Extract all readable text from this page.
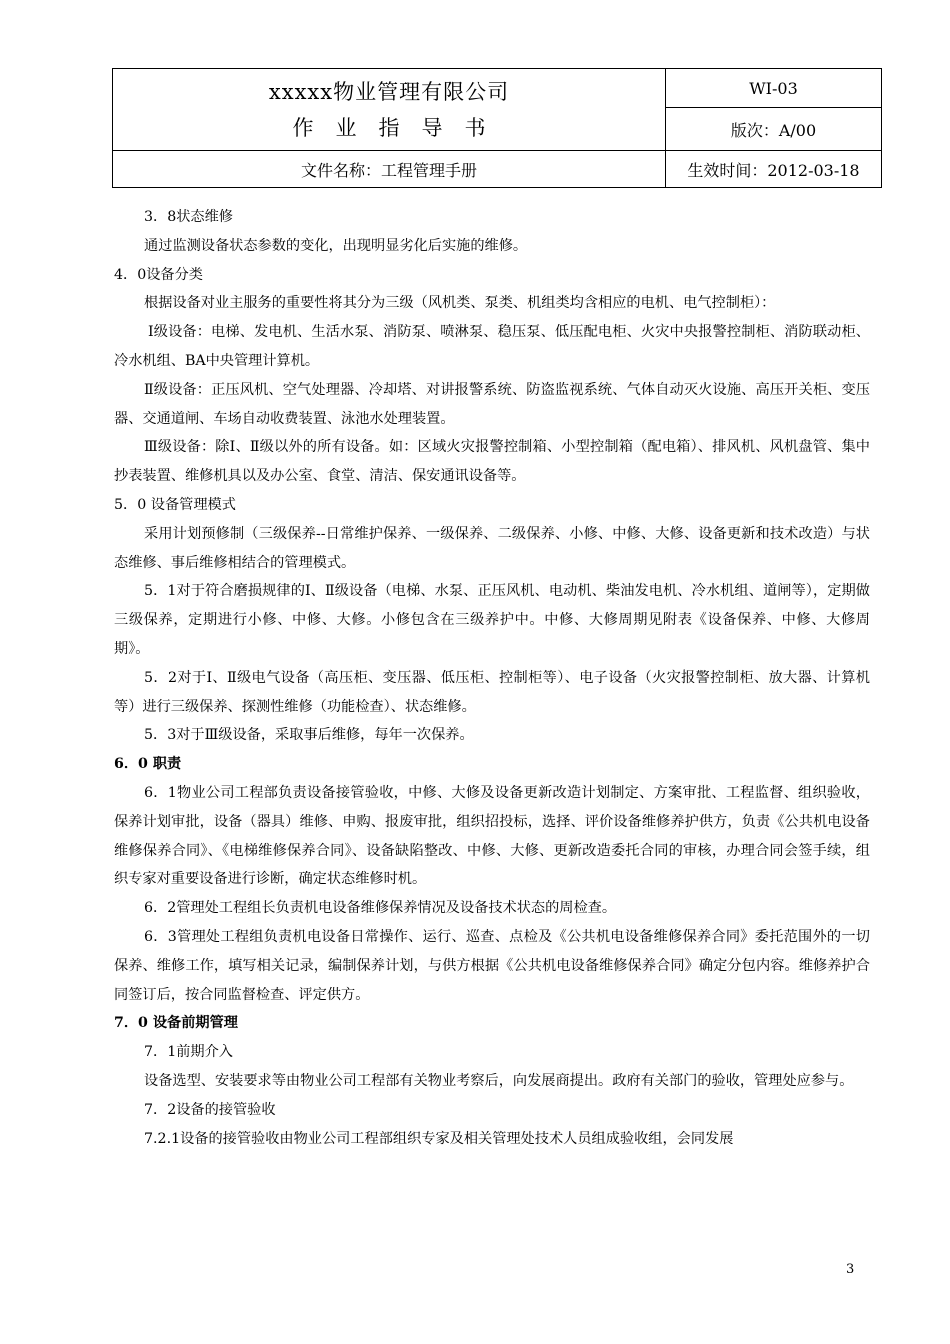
xxxxx物业管理有限公司
作业指导书	WI-03
	版次：A/00
文件名称：工程管理手册	生效时间：2012-03-18

3．8状态维修

通过监测设备状态参数的变化，出现明显劣化后实施的维修。

4．0设备分类

根据设备对业主服务的重要性将其分为三级（风机类、泵类、机组类均含相应的电机、电气控制柜）：

Ⅰ级设备：电梯、发电机、生活水泵、消防泵、喷淋泵、稳压泵、低压配电柜、火灾中央报警控制柜、消防联动柜、冷水机组、BA中央管理计算机。

Ⅱ级设备：正压风机、空气处理器、冷却塔、对讲报警系统、防盗监视系统、气体自动灭火设施、高压开关柜、变压器、交通道闸、车场自动收费装置、泳池水处理装置。

Ⅲ级设备：除Ⅰ、Ⅱ级以外的所有设备。如：区域火灾报警控制箱、小型控制箱（配电箱）、排风机、风机盘管、集中抄表装置、维修机具以及办公室、食堂、清洁、保安通讯设备等。

5．0 设备管理模式

采用计划预修制（三级保养--日常维护保养、一级保养、二级保养、小修、中修、大修、设备更新和技术改造）与状态维修、事后维修相结合的管理模式。

5．1对于符合磨损规律的Ⅰ、Ⅱ级设备（电梯、水泵、正压风机、电动机、柴油发电机、冷水机组、道闸等），定期做三级保养，定期进行小修、中修、大修。小修包含在三级养护中。中修、大修周期见附表《设备保养、中修、大修周期》。

5．2对于Ⅰ、Ⅱ级电气设备（高压柜、变压器、低压柜、控制柜等）、电子设备（火灾报警控制柜、放大器、计算机等）进行三级保养、探测性维修（功能检查）、状态维修。

5．3对于Ⅲ级设备，采取事后维修，每年一次保养。

6．0 职责

6．1物业公司工程部负责设备接管验收，中修、大修及设备更新改造计划制定、方案审批、工程监督、组织验收，保养计划审批，设备（器具）维修、申购、报废审批，组织招投标，选择、评价设备维修养护供方，负责《公共机电设备维修保养合同》、《电梯维修保养合同》、设备缺陷整改、中修、大修、更新改造委托合同的审核，办理合同会签手续，组织专家对重要设备进行诊断，确定状态维修时机。

6．2管理处工程组长负责机电设备维修保养情况及设备技术状态的周检查。

6．3管理处工程组负责机电设备日常操作、运行、巡查、点检及《公共机电设备维修保养合同》委托范围外的一切保养、维修工作，填写相关记录，编制保养计划，与供方根据《公共机电设备维修保养合同》确定分包内容。维修养护合同签订后，按合同监督检查、评定供方。

7．0 设备前期管理

7．1前期介入

设备选型、安装要求等由物业公司工程部有关物业考察后，向发展商提出。政府有关部门的验收，管理处应参与。

7．2设备的接管验收

7.2.1设备的接管验收由物业公司工程部组织专家及相关管理处技术人员组成验收组，会同发展

3
